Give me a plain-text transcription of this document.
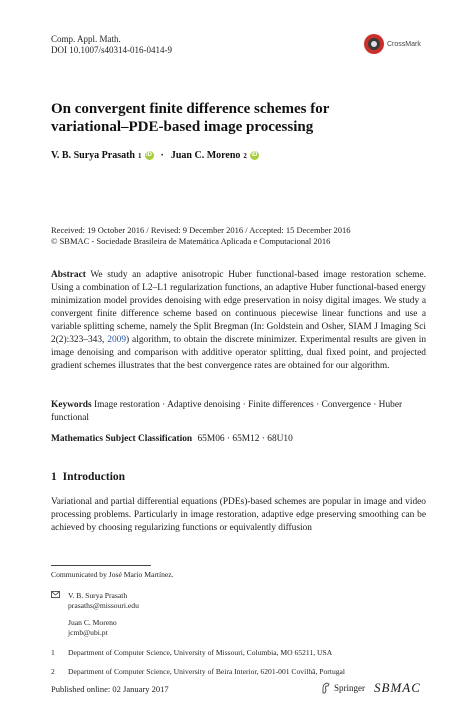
Comp. Appl. Math.
DOI 10.1007/s40314-016-0414-9
CrossMark
On convergent finite difference schemes for
variational–PDE-based image processing
V. B. Surya Prasath 1 iD · Juan C. Moreno 2 iD
Received: 19 October 2016 / Revised: 9 December 2016 / Accepted: 15 December 2016
© SBMAC - Sociedade Brasileira de Matemática Aplicada e Computacional 2016

Abstract We study an adaptive anisotropic Huber functional-based image restoration scheme. Using a combination of L2–L1 regularization functions, an adaptive Huber functional-based energy minimization model provides denoising with edge preservation in noisy digital images. We study a convergent finite difference scheme based on continuous piecewise linear functions and use a variable splitting scheme, namely the Split Bregman (In: Goldstein and Osher, SIAM J Imaging Sci 2(2):323–343, 2009) algorithm, to obtain the discrete minimizer. Experimental results are given in image denoising and comparison with additive operator splitting, dual fixed point, and projected gradient schemes illustrates that the best convergence rates are obtained for our algorithm.

Keywords Image restoration · Adaptive denoising · Finite differences · Convergence · Huber functional
Mathematics Subject Classification 65M06 · 65M12 · 68U10
1 Introduction

Variational and partial differential equations (PDEs)-based schemes are popular in image and video processing problems. Particularly in image restoration, adaptive edge preserving smoothing can be achieved by choosing regularizing functions or equivalently diffusion

Communicated by José Mario Martínez.
V. B. Surya Prasath
prasaths@missouri.edu
Juan C. Moreno
jcmb@ubi.pt
1	Department of Computer Science, University of Missouri, Columbia, MO 65211, USA
2	Department of Computer Science, University of Beira Interior, 6201-001 Covilhã, Portugal
Published online: 02 January 2017	Springer SBMAC
